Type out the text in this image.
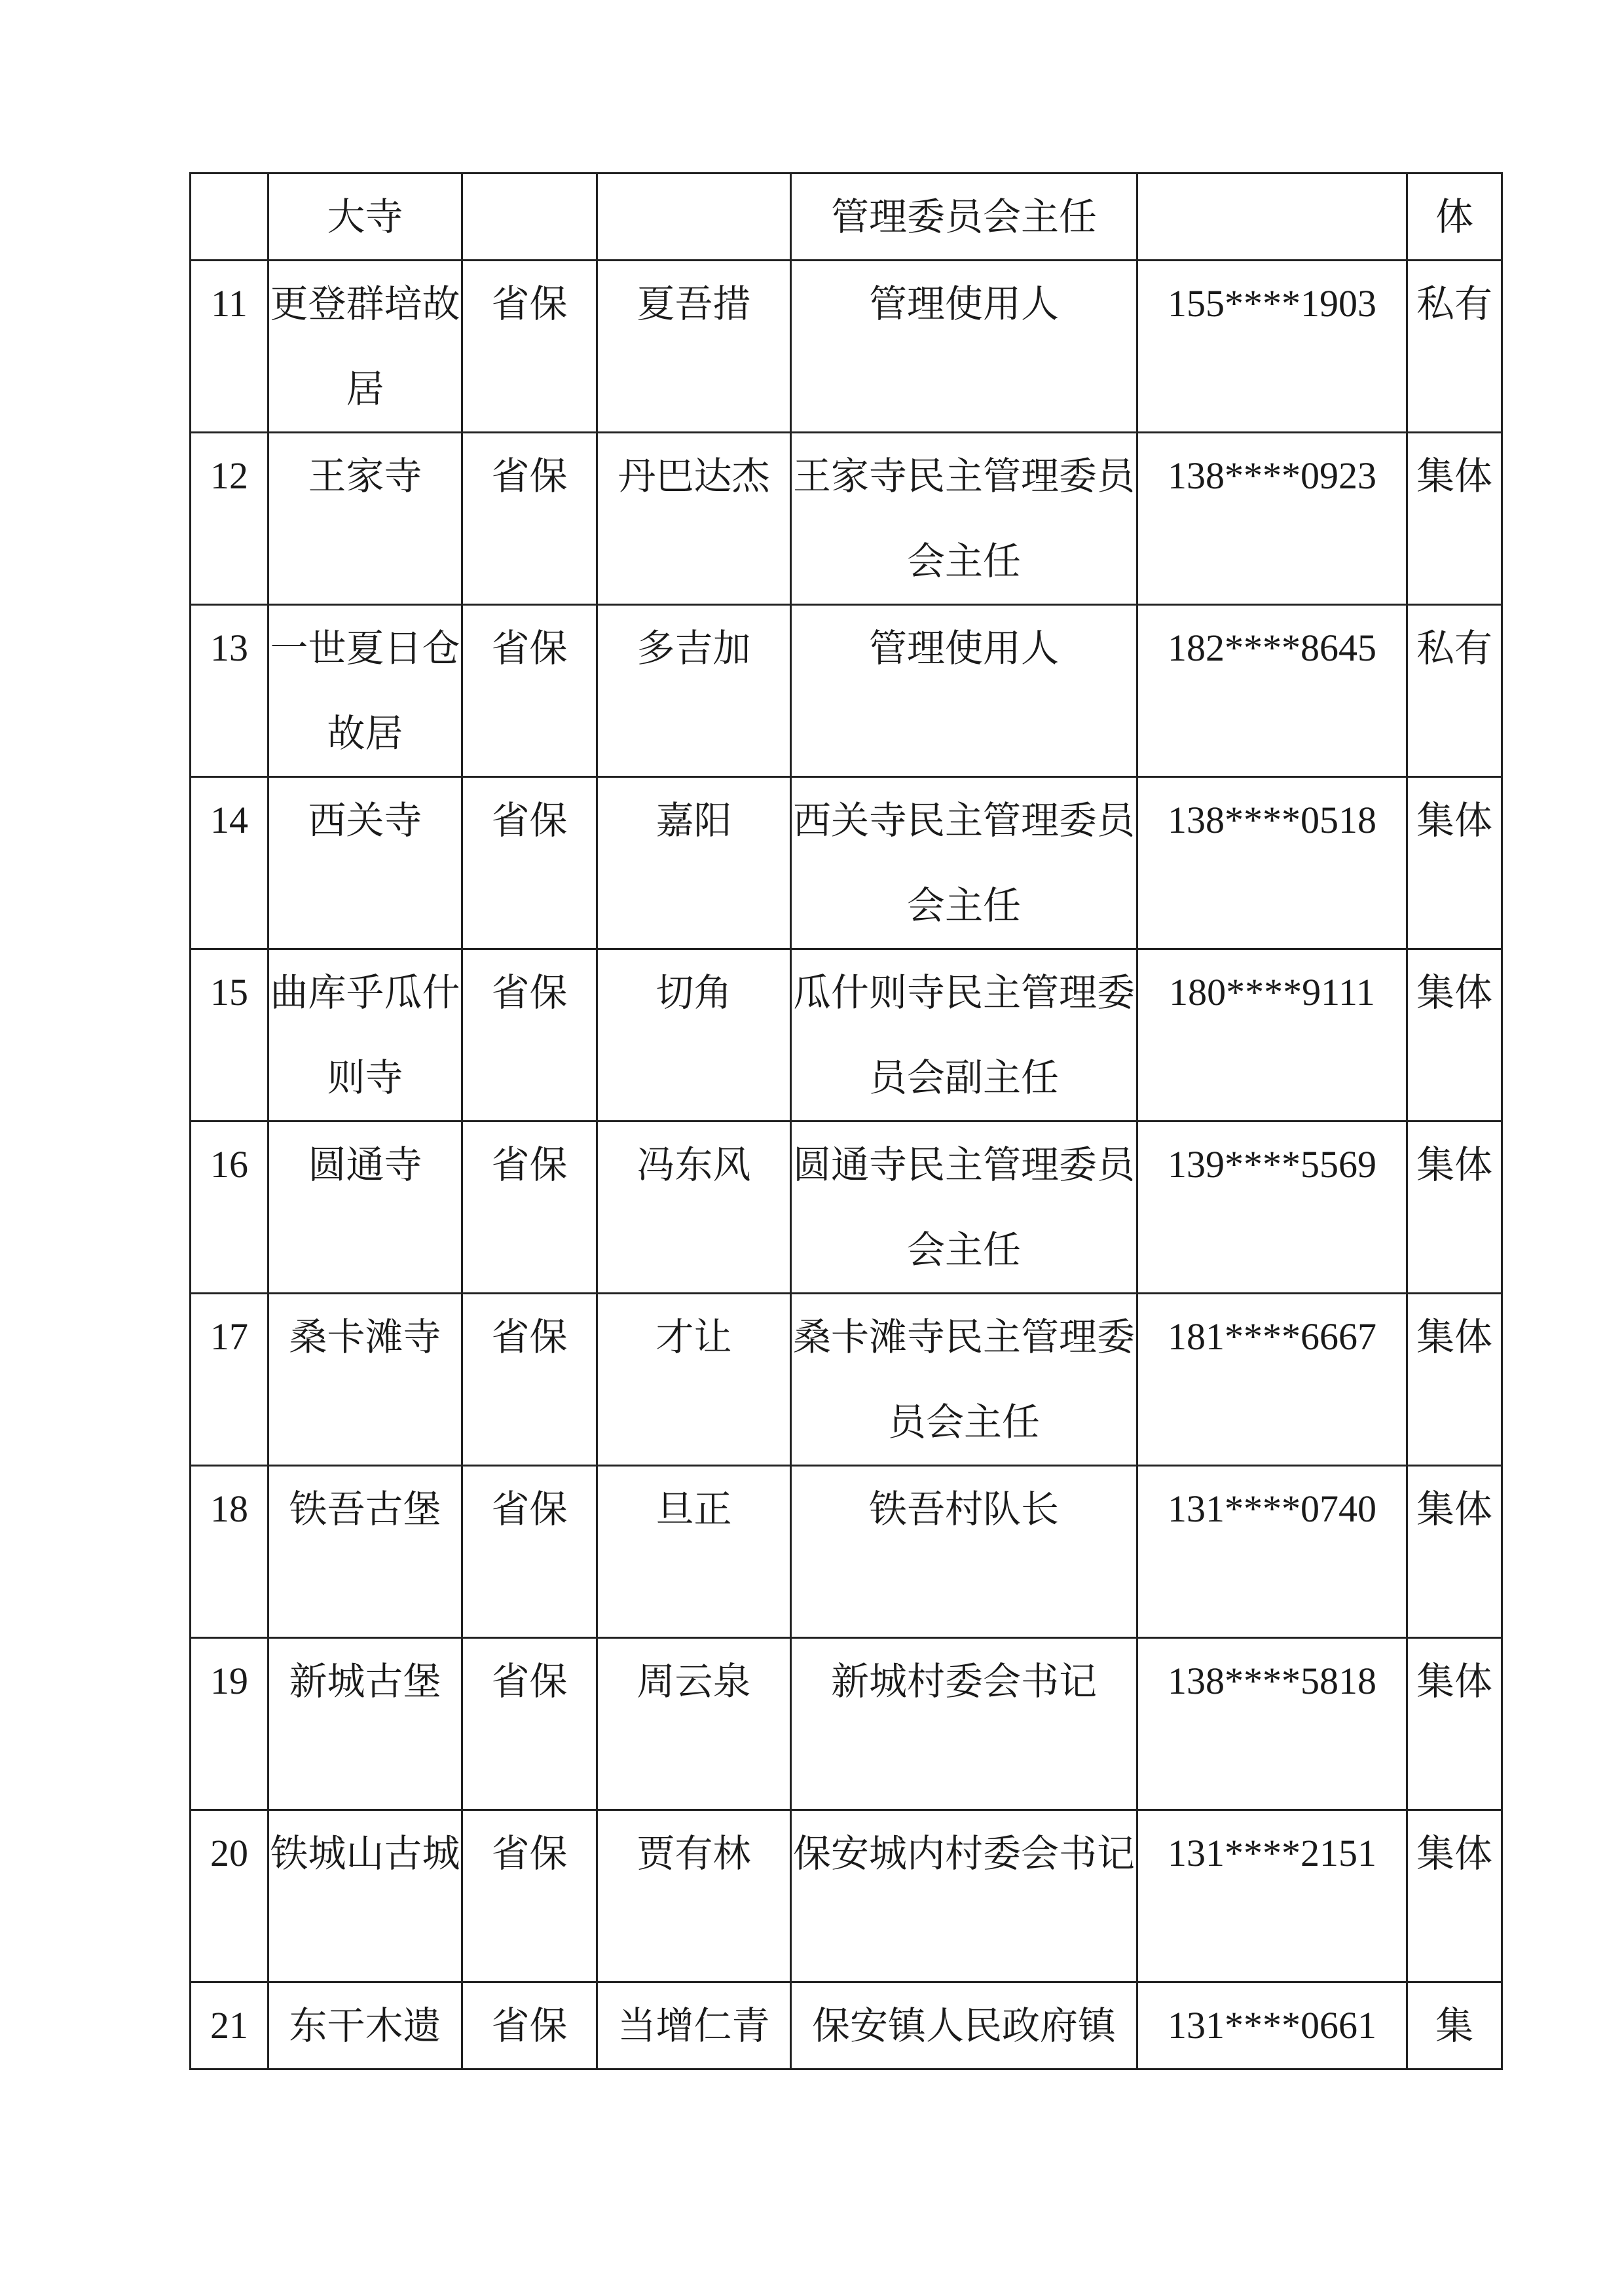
	大寺			管理委员会主任		体
11	更登群培故居	省保	夏吾措	管理使用人	155****1903	私有
12	王家寺	省保	丹巴达杰	王家寺民主管理委员会主任	138****0923	集体
13	一世夏日仓故居	省保	多吉加	管理使用人	182****8645	私有
14	西关寺	省保	嘉阳	西关寺民主管理委员会主任	138****0518	集体
15	曲库乎瓜什则寺	省保	切角	瓜什则寺民主管理委员会副主任	180****9111	集体
16	圆通寺	省保	冯东风	圆通寺民主管理委员会主任	139****5569	集体
17	桑卡滩寺	省保	才让	桑卡滩寺民主管理委员会主任	181****6667	集体
18	铁吾古堡	省保	旦正	铁吾村队长	131****0740	集体
19	新城古堡	省保	周云泉	新城村委会书记	138****5818	集体
20	铁城山古城	省保	贾有林	保安城内村委会书记	131****2151	集体
21	东干木遗	省保	当增仁青	保安镇人民政府镇	131****0661	集
